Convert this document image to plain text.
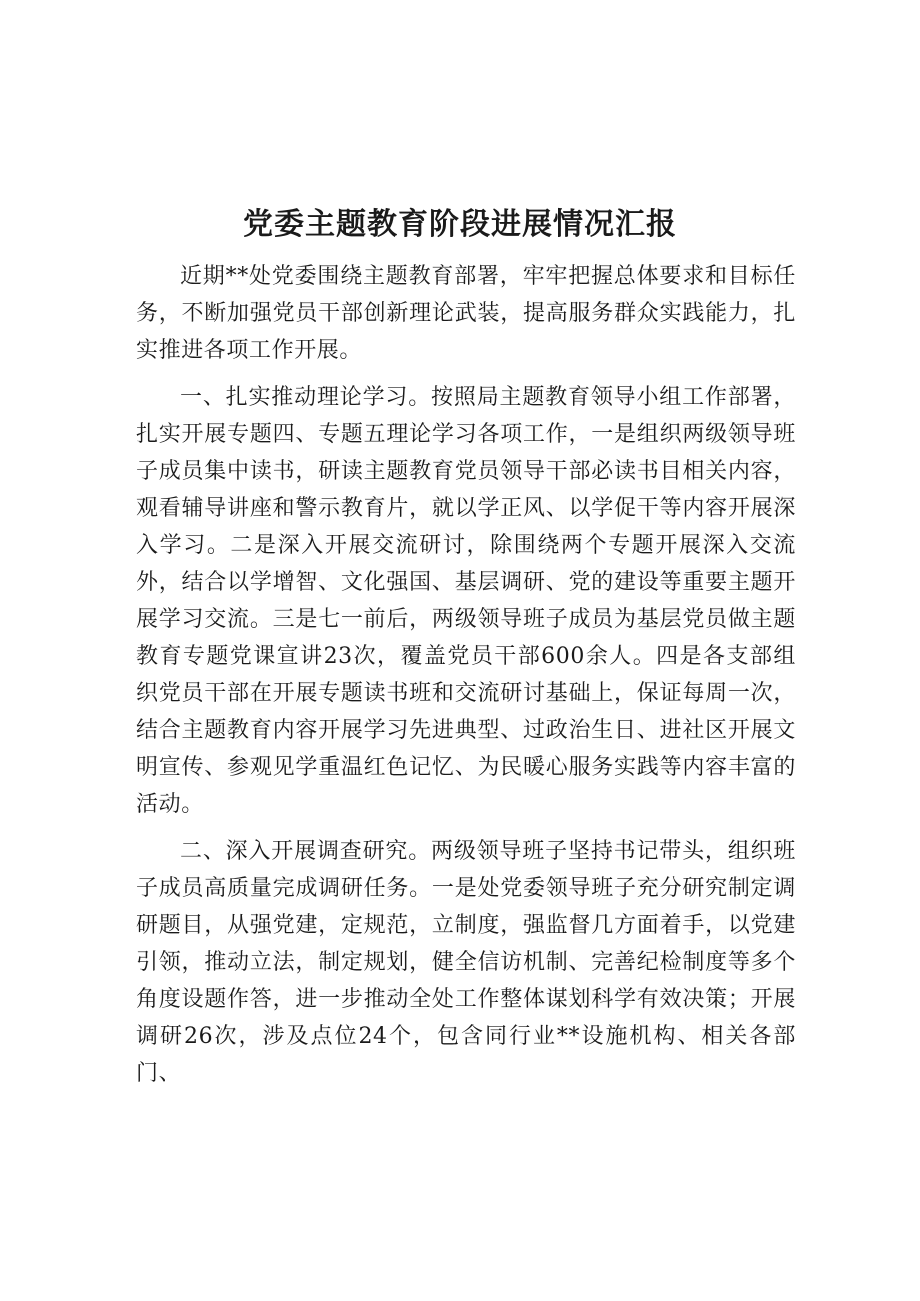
党委主题教育阶段进展情况汇报

近期**处党委围绕主题教育部署，牢牢把握总体要求和目标任务，不断加强党员干部创新理论武装，提高服务群众实践能力，扎实推进各项工作开展。

一、扎实推动理论学习。按照局主题教育领导小组工作部署，扎实开展专题四、专题五理论学习各项工作，一是组织两级领导班子成员集中读书，研读主题教育党员领导干部必读书目相关内容，观看辅导讲座和警示教育片，就以学正风、以学促干等内容开展深入学习。二是深入开展交流研讨，除围绕两个专题开展深入交流外，结合以学增智、文化强国、基层调研、党的建设等重要主题开展学习交流。三是七一前后，两级领导班子成员为基层党员做主题教育专题党课宣讲23次，覆盖党员干部600余人。四是各支部组织党员干部在开展专题读书班和交流研讨基础上，保证每周一次，结合主题教育内容开展学习先进典型、过政治生日、进社区开展文明宣传、参观见学重温红色记忆、为民暖心服务实践等内容丰富的活动。

二、深入开展调查研究。两级领导班子坚持书记带头，组织班子成员高质量完成调研任务。一是处党委领导班子充分研究制定调研题目，从强党建，定规范，立制度，强监督几方面着手，以党建引领，推动立法，制定规划，健全信访机制、完善纪检制度等多个角度设题作答，进一步推动全处工作整体谋划科学有效决策；开展调研26次，涉及点位24个，包含同行业**设施机构、相关各部门、
